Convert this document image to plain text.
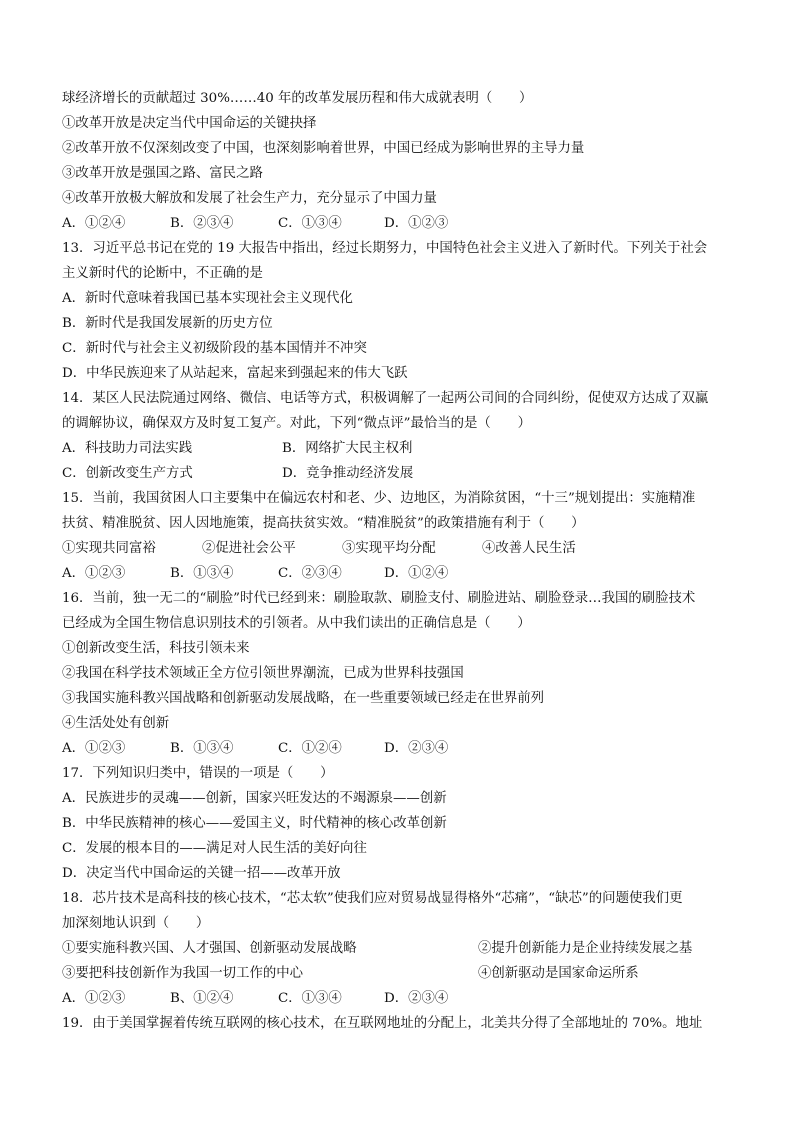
球经济增长的贡献超过 30%……40 年的改革发展历程和伟大成就表明（　　）
①改革开放是决定当代中国命运的关键抉择
②改革开放不仅深刻改变了中国，也深刻影响着世界，中国已经成为影响世界的主导力量
③改革开放是强国之路、富民之路
④改革开放极大解放和发展了社会生产力，充分显示了中国力量
A．①②④	B．②③④	C．①③④	D．①②③
13．习近平总书记在党的 19 大报告中指出，经过长期努力，中国特色社会主义进入了新时代。下列关于社会
主义新时代的论断中，不正确的是
A．新时代意味着我国已基本实现社会主义现代化
B．新时代是我国发展新的历史方位
C．新时代与社会主义初级阶段的基本国情并不冲突
D．中华民族迎来了从站起来，富起来到强起来的伟大飞跃
14．某区人民法院通过网络、微信、电话等方式，积极调解了一起两公司间的合同纠纷，促使双方达成了双赢
的调解协议，确保双方及时复工复产。对此，下列“微点评”最恰当的是（　　）
A．科技助力司法实践	B．网络扩大民主权利
C．创新改变生产方式	D．竞争推动经济发展
15．当前，我国贫困人口主要集中在偏远农村和老、少、边地区，为消除贫困，“十三”规划提出：实施精准
扶贫、精准脱贫、因人因地施策，提高扶贫实效。“精准脱贫”的政策措施有利于（　　）
①实现共同富裕	②促进社会公平	③实现平均分配	④改善人民生活
A．①②③	B．①③④	C．②③④	D．①②④
16．当前，独一无二的“刷脸”时代已经到来：刷脸取款、刷脸支付、刷脸进站、刷脸登录…我国的刷脸技术
已经成为全国生物信息识别技术的引领者。从中我们读出的正确信息是（　　）
①创新改变生活，科技引领未来
②我国在科学技术领域正全方位引领世界潮流，已成为世界科技强国
③我国实施科教兴国战略和创新驱动发展战略，在一些重要领域已经走在世界前列
④生活处处有创新
A．①②③	B．①③④	C．①②④	D．②③④
17．下列知识归类中，错误的一项是（　　）
A．民族进步的灵魂——创新，国家兴旺发达的不竭源泉——创新
B．中华民族精神的核心——爱国主义，时代精神的核心改革创新
C．发展的根本目的——满足对人民生活的美好向往
D．决定当代中国命运的关键一招——改革开放
18．芯片技术是高科技的核心技术，“芯太软”使我们应对贸易战显得格外“芯痛”，“缺芯”的问题使我们更
加深刻地认识到（　　）
①要实施科教兴国、人才强国、创新驱动发展战略	②提升创新能力是企业持续发展之基
③要把科技创新作为我国一切工作的中心	④创新驱动是国家命运所系
A．①②③	B、①②④	C．①③④	D．②③④
19．由于美国掌握着传统互联网的核心技术，在互联网地址的分配上，北美共分得了全部地址的 70%。地址
